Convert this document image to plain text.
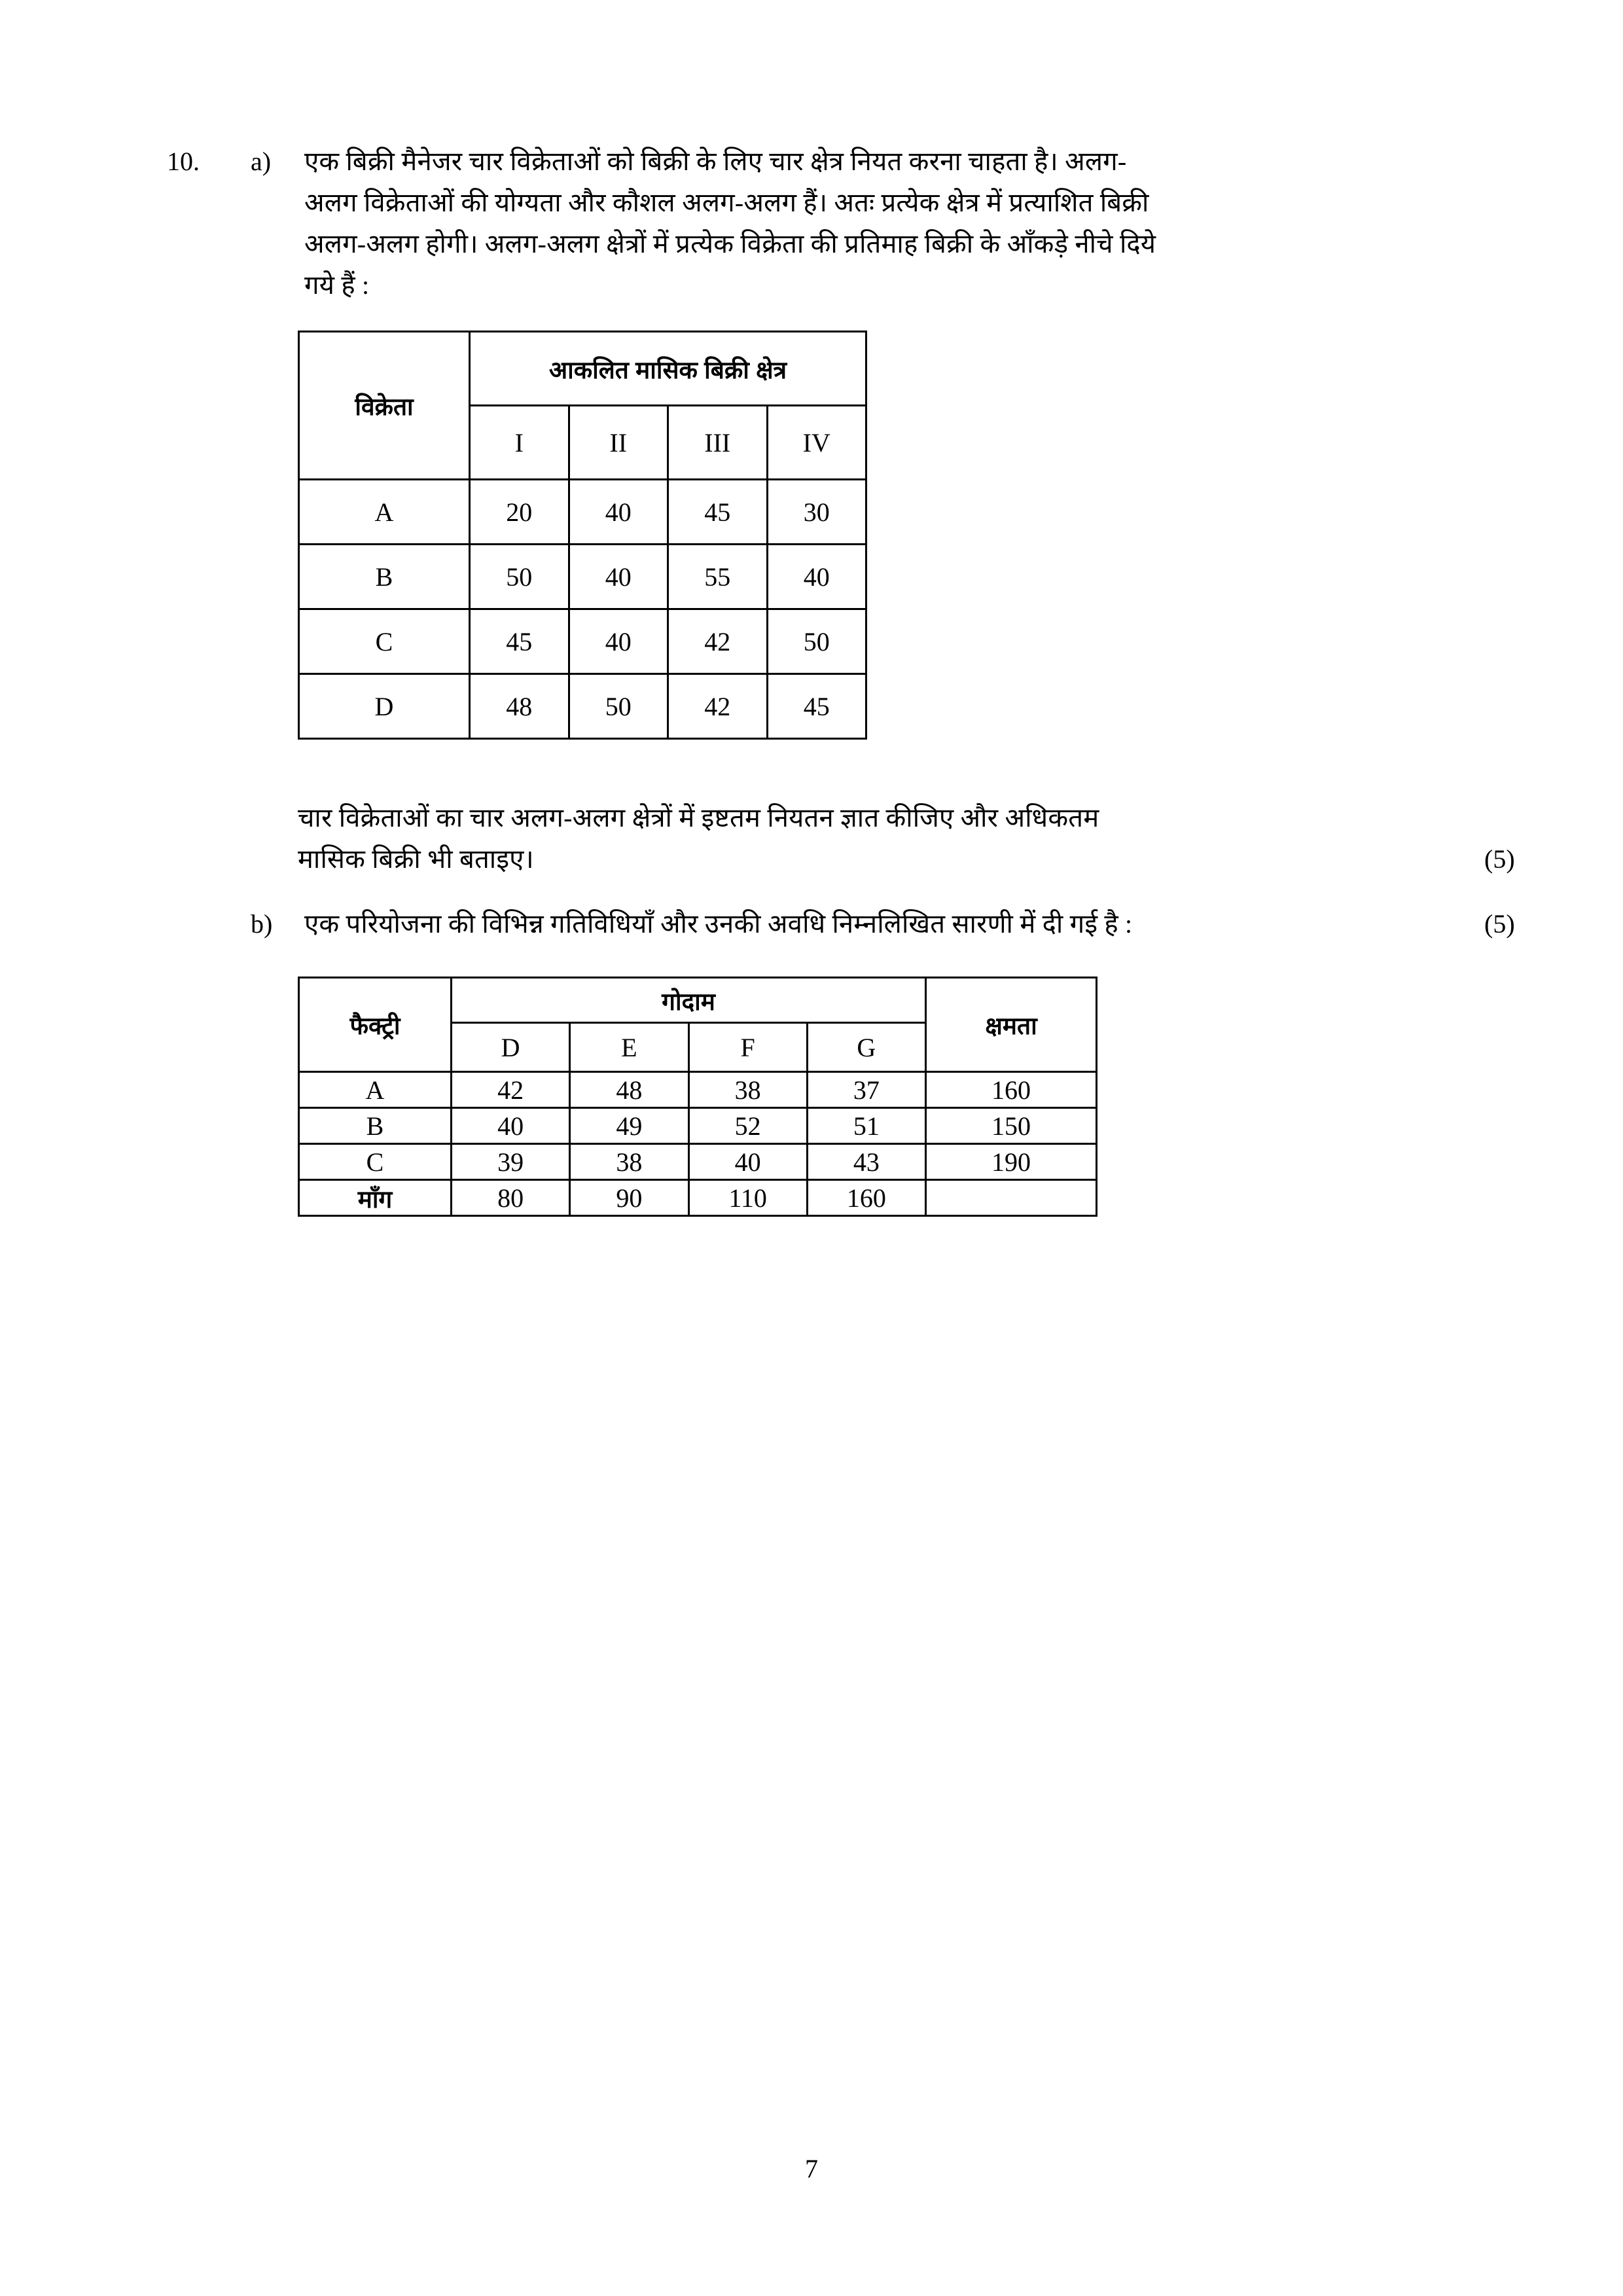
10.	a)	एक बिक्री मैनेजर चार विक्रेताओं को बिक्री के लिए चार क्षेत्र नियत करना चाहता है। अलग-
अलग विक्रेताओं की योग्यता और कौशल अलग-अलग हैं। अतः प्रत्येक क्षेत्र में प्रत्याशित बिक्री
अलग-अलग होगी। अलग-अलग क्षेत्रों में प्रत्येक विक्रेता की प्रतिमाह बिक्री के आँकड़े नीचे दिये
गये हैं :
विक्रेता	आकलित मासिक बिक्री क्षेत्र			
	I	II	III	IV
A	20	40	45	30
B	50	40	55	40
C	45	40	42	50
D	48	50	42	45
चार विक्रेताओं का चार अलग-अलग क्षेत्रों में इष्टतम नियतन ज्ञात कीजिए और अधिकतम
मासिक बिक्री भी बताइए।	(5)
b)	एक परियोजना की विभिन्न गतिविधियाँ और उनकी अवधि निम्नलिखित सारणी में दी गई है :	(5)
फैक्ट्री	गोदाम				क्षमता
	D	E	F	G	
A	42	48	38	37	160
B	40	49	52	51	150
C	39	38	40	43	190
माँग	80	90	110	160	
7
